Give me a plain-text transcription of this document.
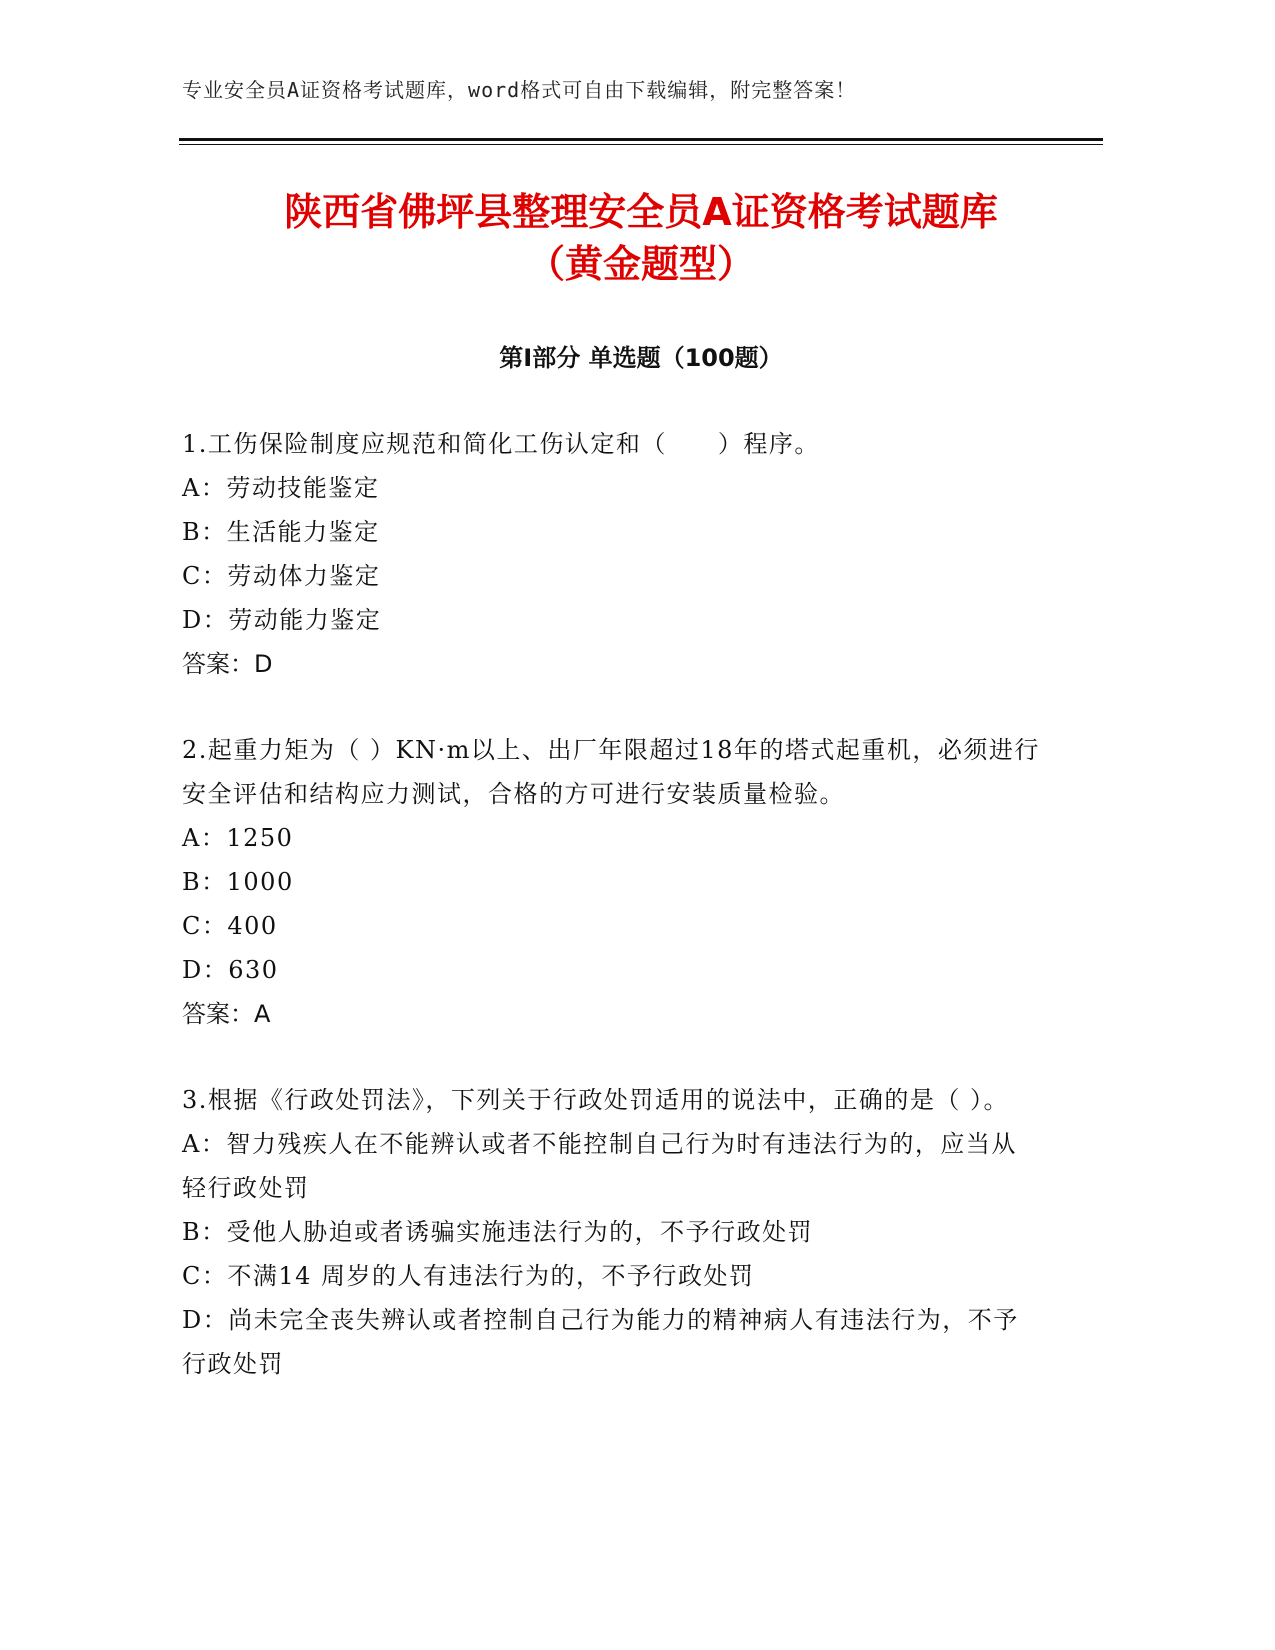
专业安全员A证资格考试题库，word格式可自由下载编辑，附完整答案！
陕西省佛坪县整理安全员A证资格考试题库
（黄金题型）
第Ⅰ部分 单选题（100题）
1.工伤保险制度应规范和简化工伤认定和（　　）程序。
A：劳动技能鉴定
B：生活能力鉴定
C：劳动体力鉴定
D：劳动能力鉴定
答案：D
2.起重力矩为（ ）KN·m以上、出厂年限超过18年的塔式起重机，必须进行安全评估和结构应力测试，合格的方可进行安装质量检验。
A：1250
B：1000
C：400
D：630
答案：A
3.根据《行政处罚法》，下列关于行政处罚适用的说法中，正确的是（ ）。
A：智力残疾人在不能辨认或者不能控制自己行为时有违法行为的，应当从轻行政处罚
B：受他人胁迫或者诱骗实施违法行为的，不予行政处罚
C：不满14 周岁的人有违法行为的，不予行政处罚
D：尚未完全丧失辨认或者控制自己行为能力的精神病人有违法行为，不予行政处罚
